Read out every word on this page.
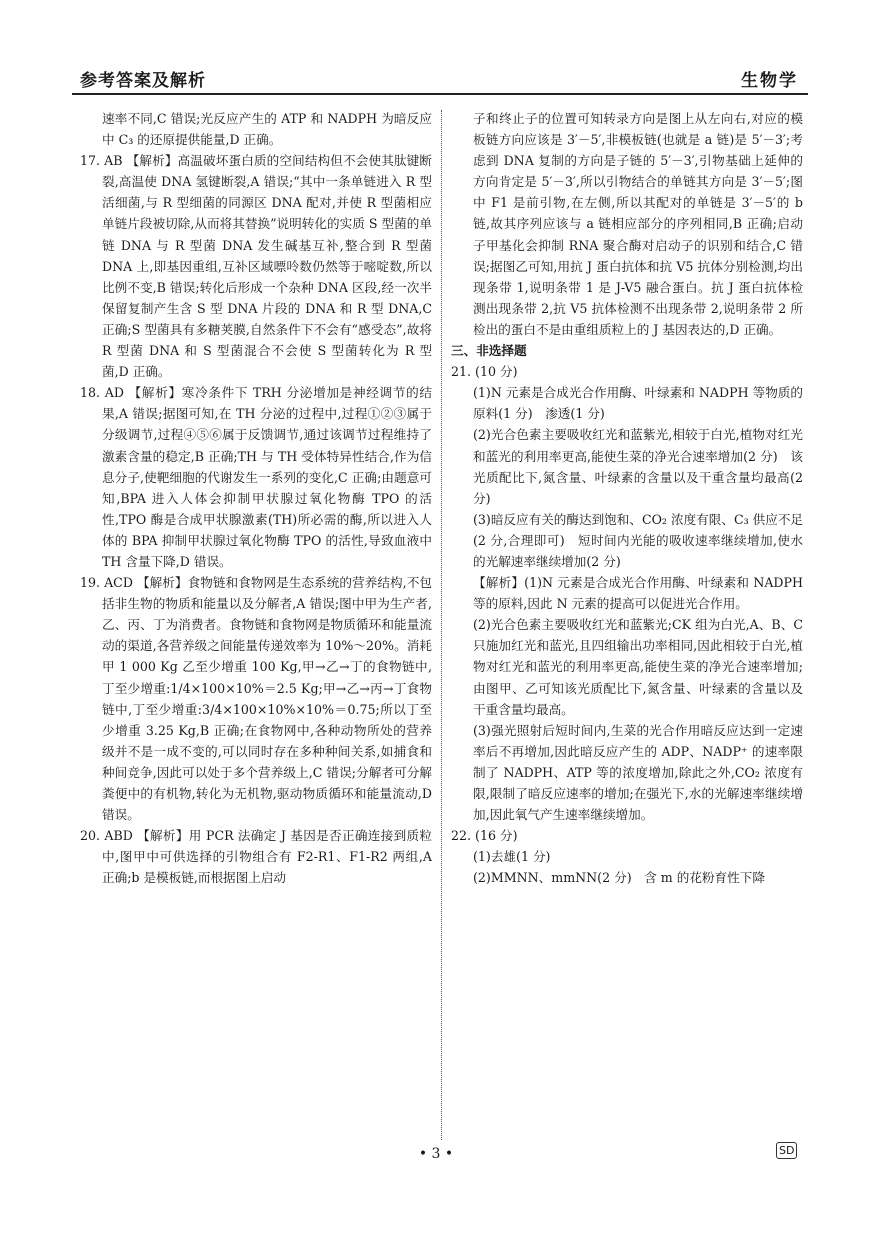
参考答案及解析	生物学

速率不同,C 错误;光反应产生的 ATP 和 NADPH 为暗反应中 C₃ 的还原提供能量,D 正确。

17. AB 【解析】高温破坏蛋白质的空间结构但不会使其肽键断裂,高温使 DNA 氢键断裂,A 错误;“其中一条单链进入 R 型活细菌,与 R 型细菌的同源区 DNA 配对,并使 R 型菌相应单链片段被切除,从而将其替换”说明转化的实质 S 型菌的单链 DNA 与 R 型菌 DNA 发生碱基互补,整合到 R 型菌 DNA 上,即基因重组,互补区域嘌呤数仍然等于嘧啶数,所以比例不变,B 错误;转化后形成一个杂种 DNA 区段,经一次半保留复制产生含 S 型 DNA 片段的 DNA 和 R 型 DNA,C 正确;S 型菌具有多糖荚膜,自然条件下不会有“感受态”,故将 R 型菌 DNA 和 S 型菌混合不会使 S 型菌转化为 R 型菌,D 正确。

18. AD 【解析】寒冷条件下 TRH 分泌增加是神经调节的结果,A 错误;据图可知,在 TH 分泌的过程中,过程①②③属于分级调节,过程④⑤⑥属于反馈调节,通过该调节过程维持了激素含量的稳定,B 正确;TH 与 TH 受体特异性结合,作为信息分子,使靶细胞的代谢发生一系列的变化,C 正确;由题意可知,BPA 进入人体会抑制甲状腺过氧化物酶 TPO 的活性,TPO 酶是合成甲状腺激素(TH)所必需的酶,所以进入人体的 BPA 抑制甲状腺过氧化物酶 TPO 的活性,导致血液中 TH 含量下降,D 错误。

19. ACD 【解析】食物链和食物网是生态系统的营养结构,不包括非生物的物质和能量以及分解者,A 错误;图中甲为生产者,乙、丙、丁为消费者。食物链和食物网是物质循环和能量流动的渠道,各营养级之间能量传递效率为 10%～20%。消耗甲 1 000 Kg 乙至少增重 100 Kg,甲→乙→丁的食物链中,丁至少增重:1/4×100×10%＝2.5 Kg;甲→乙→丙→丁食物链中,丁至少增重:3/4×100×10%×10%＝0.75;所以丁至少增重 3.25 Kg,B 正确;在食物网中,各种动物所处的营养级并不是一成不变的,可以同时存在多种种间关系,如捕食和种间竞争,因此可以处于多个营养级上,C 错误;分解者可分解粪便中的有机物,转化为无机物,驱动物质循环和能量流动,D 错误。

20. ABD 【解析】用 PCR 法确定 J 基因是否正确连接到质粒中,图甲中可供选择的引物组合有 F2-R1、F1-R2 两组,A 正确;b 是模板链,而根据图上启动

子和终止子的位置可知转录方向是图上从左向右,对应的模板链方向应该是 3′－5′,非模板链(也就是 a 链)是 5′－3′;考虑到 DNA 复制的方向是子链的 5′－3′,引物基础上延伸的方向肯定是 5′－3′,所以引物结合的单链其方向是 3′－5′;图中 F1 是前引物,在左侧,所以其配对的单链是 3′－5′的 b 链,故其序列应该与 a 链相应部分的序列相同,B 正确;启动子甲基化会抑制 RNA 聚合酶对启动子的识别和结合,C 错误;据图乙可知,用抗 J 蛋白抗体和抗 V5 抗体分别检测,均出现条带 1,说明条带 1 是 J-V5 融合蛋白。抗 J 蛋白抗体检测出现条带 2,抗 V5 抗体检测不出现条带 2,说明条带 2 所检出的蛋白不是由重组质粒上的 J 基因表达的,D 正确。

三、非选择题

21. (10 分)

(1)N 元素是合成光合作用酶、叶绿素和 NADPH 等物质的原料(1 分)　渗透(1 分)

(2)光合色素主要吸收红光和蓝紫光,相较于白光,植物对红光和蓝光的利用率更高,能使生菜的净光合速率增加(2 分)　该光质配比下,氮含量、叶绿素的含量以及干重含量均最高(2 分)

(3)暗反应有关的酶达到饱和、CO₂ 浓度有限、C₃ 供应不足(2 分,合理即可)　短时间内光能的吸收速率继续增加,使水的光解速率继续增加(2 分)

【解析】(1)N 元素是合成光合作用酶、叶绿素和 NADPH 等的原料,因此 N 元素的提高可以促进光合作用。

(2)光合色素主要吸收红光和蓝紫光;CK 组为白光,A、B、C 只施加红光和蓝光,且四组输出功率相同,因此相较于白光,植物对红光和蓝光的利用率更高,能使生菜的净光合速率增加;由图甲、乙可知该光质配比下,氮含量、叶绿素的含量以及干重含量均最高。

(3)强光照射后短时间内,生菜的光合作用暗反应达到一定速率后不再增加,因此暗反应产生的 ADP、NADP⁺ 的速率限制了 NADPH、ATP 等的浓度增加,除此之外,CO₂ 浓度有限,限制了暗反应速率的增加;在强光下,水的光解速率继续增加,因此氧气产生速率继续增加。

22. (16 分)

(1)去雄(1 分)

(2)MMNN、mmNN(2 分)　含 m 的花粉育性下降

• 3 •	SD
